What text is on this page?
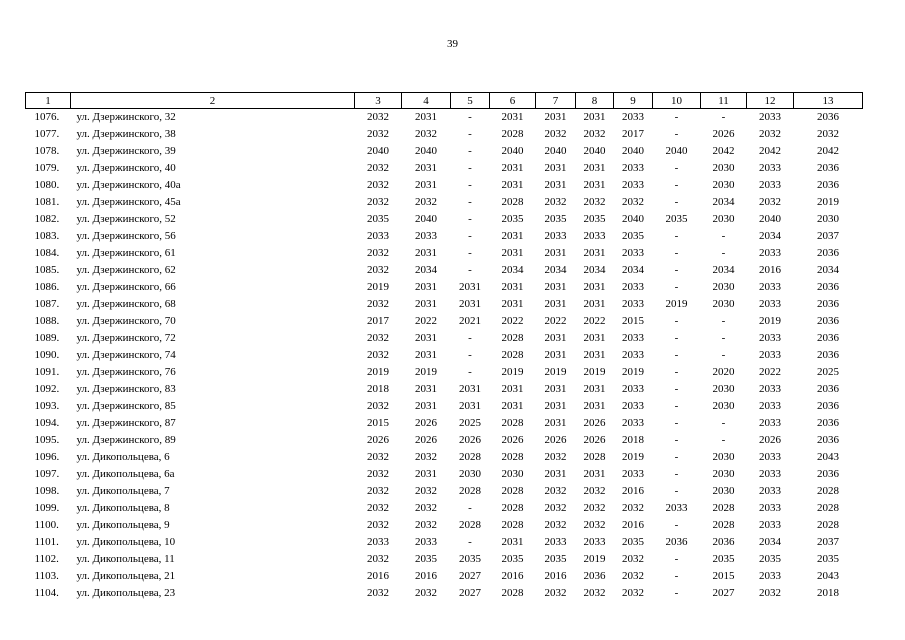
39
1	2	3	4	5	6	7	8	9	10	11	12	13
1076.	ул. Дзержинского, 32	2032	2031	-	2031	2031	2031	2033	-	-	2033	2036
1077.	ул. Дзержинского, 38	2032	2032	-	2028	2032	2032	2017	-	2026	2032	2032
1078.	ул. Дзержинского, 39	2040	2040	-	2040	2040	2040	2040	2040	2042	2042	2042
1079.	ул. Дзержинского, 40	2032	2031	-	2031	2031	2031	2033	-	2030	2033	2036
1080.	ул. Дзержинского, 40а	2032	2031	-	2031	2031	2031	2033	-	2030	2033	2036
1081.	ул. Дзержинского, 45а	2032	2032	-	2028	2032	2032	2032	-	2034	2032	2019
1082.	ул. Дзержинского, 52	2035	2040	-	2035	2035	2035	2040	2035	2030	2040	2030
1083.	ул. Дзержинского, 56	2033	2033	-	2031	2033	2033	2035	-	-	2034	2037
1084.	ул. Дзержинского, 61	2032	2031	-	2031	2031	2031	2033	-	-	2033	2036
1085.	ул. Дзержинского, 62	2032	2034	-	2034	2034	2034	2034	-	2034	2016	2034
1086.	ул. Дзержинского, 66	2019	2031	2031	2031	2031	2031	2033	-	2030	2033	2036
1087.	ул. Дзержинского, 68	2032	2031	2031	2031	2031	2031	2033	2019	2030	2033	2036
1088.	ул. Дзержинского, 70	2017	2022	2021	2022	2022	2022	2015	-	-	2019	2036
1089.	ул. Дзержинского, 72	2032	2031	-	2028	2031	2031	2033	-	-	2033	2036
1090.	ул. Дзержинского, 74	2032	2031	-	2028	2031	2031	2033	-	-	2033	2036
1091.	ул. Дзержинского, 76	2019	2019	-	2019	2019	2019	2019	-	2020	2022	2025
1092.	ул. Дзержинского, 83	2018	2031	2031	2031	2031	2031	2033	-	2030	2033	2036
1093.	ул. Дзержинского, 85	2032	2031	2031	2031	2031	2031	2033	-	2030	2033	2036
1094.	ул. Дзержинского, 87	2015	2026	2025	2028	2031	2026	2033	-	-	2033	2036
1095.	ул. Дзержинского, 89	2026	2026	2026	2026	2026	2026	2018	-	-	2026	2036
1096.	ул. Дикопольцева, 6	2032	2032	2028	2028	2032	2028	2019	-	2030	2033	2043
1097.	ул. Дикопольцева, 6а	2032	2031	2030	2030	2031	2031	2033	-	2030	2033	2036
1098.	ул. Дикопольцева, 7	2032	2032	2028	2028	2032	2032	2016	-	2030	2033	2028
1099.	ул. Дикопольцева, 8	2032	2032	-	2028	2032	2032	2032	2033	2028	2033	2028
1100.	ул. Дикопольцева, 9	2032	2032	2028	2028	2032	2032	2016	-	2028	2033	2028
1101.	ул. Дикопольцева, 10	2033	2033	-	2031	2033	2033	2035	2036	2036	2034	2037
1102.	ул. Дикопольцева, 11	2032	2035	2035	2035	2035	2019	2032	-	2035	2035	2035
1103.	ул. Дикопольцева, 21	2016	2016	2027	2016	2016	2036	2032	-	2015	2033	2043
1104.	ул. Дикопольцева, 23	2032	2032	2027	2028	2032	2032	2032	-	2027	2032	2018
